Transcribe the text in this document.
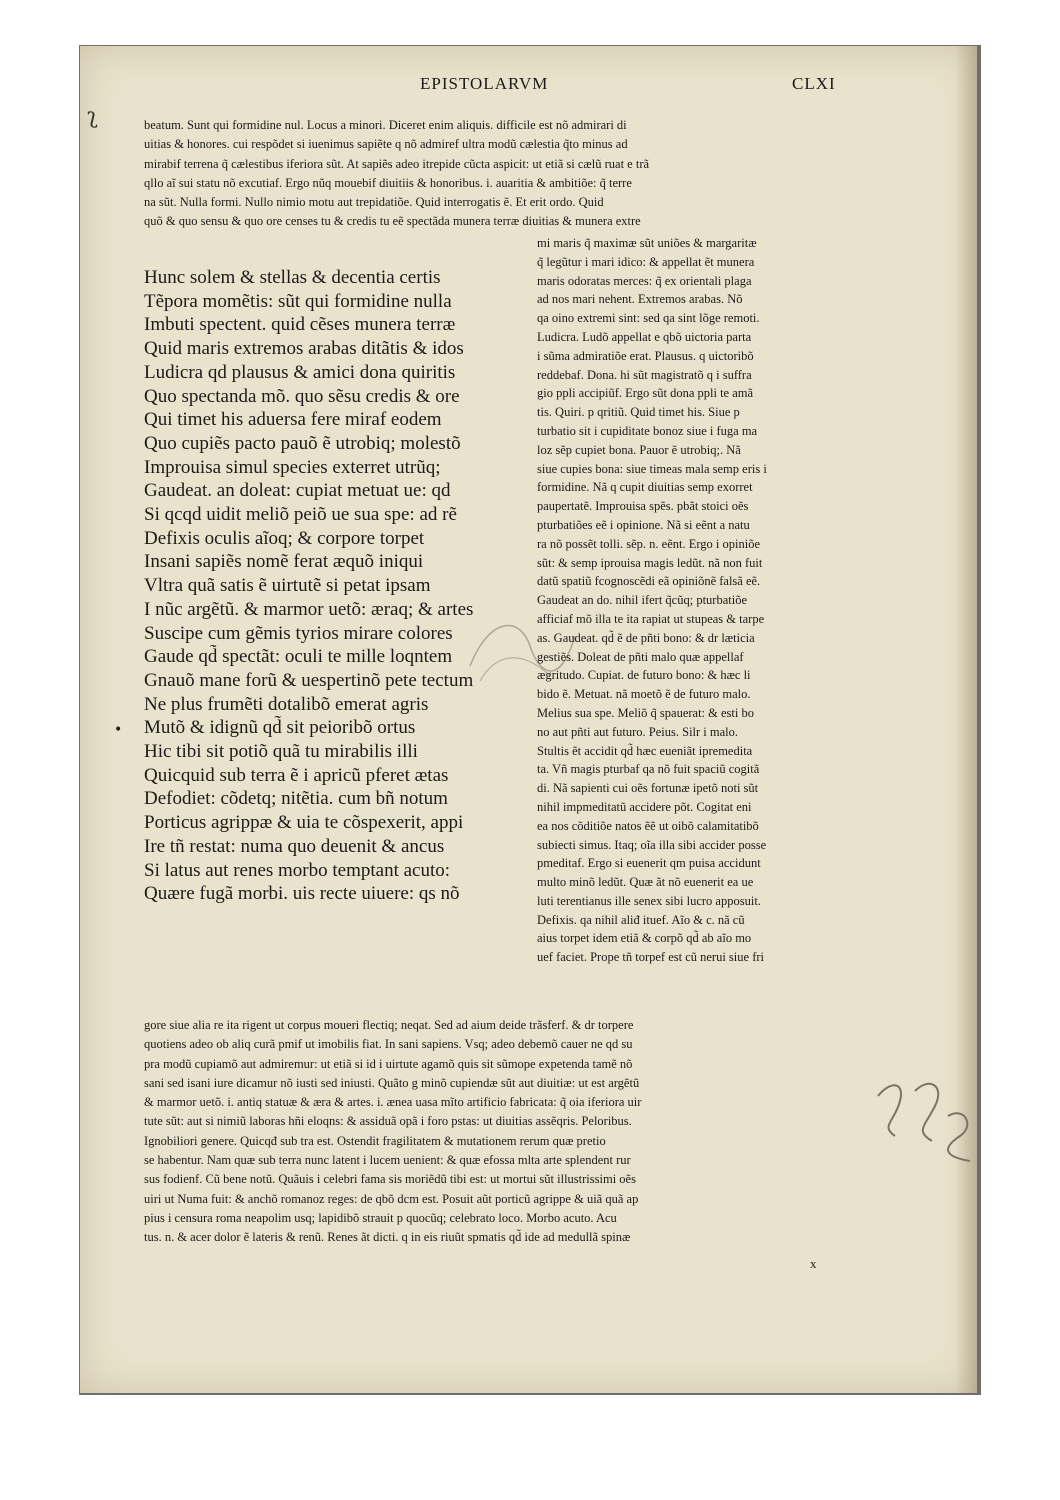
ʅ
EPISTOLARVM	CLXI
beatum. Sunt qui formidine nul. Locus a minori. Diceret enim aliquis. difficile est nõ admirari di
uitias & honores. cui respõdet si iuenimus sapiẽte q nõ admiref ultra modũ cælestia q̃to minus ad
mirabif terrena q̃ cælestibus iferiora sũt. At sapiẽs adeo itrepide cũcta aspicit: ut etiã si cælũ ruat e trã
qllo aĩ sui statu nõ excutiaf. Ergo nũq mouebif diuitiis & honoribus. i. auaritia & ambitiõe: q̃ terre
na sũt. Nulla formi. Nullo nimio motu aut trepidatiõe. Quid interrogatis ẽ. Et erit ordo. Quid
quõ & quo sensu & quo ore censes tu & credis tu eẽ spectãda munera terræ diuitias & munera extre
Hunc solem & stellas & decentia certis
Tẽpora momẽtis: sũt qui formidine nulla
Imbuti spectent. quid cẽses munera terræ
Quid maris extremos arabas ditãtis & idos
Ludicra qd plausus & amici dona quiritis
Quo spectanda mõ. quo sẽsu credis & ore
Qui timet his aduersa fere miraf eodem
Quo cupiẽs pacto pauõ ẽ utrobiq; molestõ
Improuisa simul species exterret utrũq;
Gaudeat. an doleat: cupiat metuat ue: qd
Si qcqd uidit meliõ peiõ ue sua spe: ad rẽ
Defixis oculis aĩoq; & corpore torpet
Insani sapiẽs nomẽ ferat æquõ iniqui
Vltra quã satis ẽ uirtutẽ si petat ipsam
I nũc argẽtũ. & marmor uetõ: æraq; & artes
Suscipe cum gẽmis tyrios mirare colores
Gaude qd̃ spectãt: oculi te mille loqntem
Gnauõ mane forũ & uespertinõ pete tectum
Ne plus frumẽti dotalibõ emerat agris
Mutõ & idignũ qd̃ sit peioribõ ortus
Hic tibi sit potiõ quã tu mirabilis illi
Quicquid sub terra ẽ i apricũ pferet ætas
Defodiet: cõdetq; nitẽtia. cum bñ notum
Porticus agrippæ & uia te cõspexerit, appi
Ire tñ restat: numa quo deuenit & ancus
Si latus aut renes morbo temptant acuto:
Quære fugã morbi. uis recte uiuere: qs nõ
•
mi maris q̃ maximæ sũt uniões & margaritæ
q̃ legũtur i mari idico: & appellat ẽt munera
maris odoratas merces: q̃ ex orientali plaga
ad nos mari nehent. Extremos arabas. Nõ
qa oino extremi sint: sed qa sint lõge remoti.
Ludicra. Ludõ appellat e qbõ uictoria parta
i sũma admiratiõe erat. Plausus. q uictoribõ
reddebaf. Dona. hi sũt magistratõ q i suffra
gio ppli accipiũf. Ergo sũt dona ppli te amã
tis. Quiri. p qritiũ. Quid timet his. Siue p
turbatio sit i cupiditate bonoz siue i fuga ma
loz sẽp cupiet bona. Pauor ẽ utrobiq;. Nã
siue cupies bona: siue timeas mala semp eris i
formidine. Nã q cupit diuitias semp exorret
paupertatẽ. Improuisa spẽs. pbãt stoici oẽs
pturbatiões eẽ i opinione. Nã si eẽnt a natu
ra nõ possẽt tolli. sẽp. n. eẽnt. Ergo i opiniõe
sũt: & semp iprouisa magis ledũt. nã non fuit
datũ spatiũ fcognoscẽdi eã opiniõnẽ falsã eẽ.
Gaudeat an do. nihil ifert q̃cũq; pturbatiõe
afficiaf mõ illa te ita rapiat ut stupeas & tarpe
as. Gaudeat. qd̃ ẽ de pñti bono: & dr læticia
gestiẽs. Doleat de pñti malo quæ appellaf
ægritudo. Cupiat. de futuro bono: & hæc li
bido ẽ. Metuat. nã moetõ ẽ de futuro malo.
Melius sua spe. Meliõ q̃ spauerat: & esti bo
no aut pñti aut futuro. Peius. Silr i malo.
Stultis ẽt accidit qd̃ hæc eueniãt ipremedita
ta. Vñ magis pturbaf qa nõ fuit spaciũ cogitã
di. Nã sapienti cui oẽs fortunæ ipetõ noti sũt
nihil impmeditatũ accidere põt. Cogitat eni
ea nos cõditiõe natos ẽẽ ut oibõ calamitatibõ
subiecti simus. Itaq; oĩa illa sibi accider posse
pmeditaf. Ergo si euenerit qm puisa accidunt
multo minõ ledũt. Quæ ãt nõ euenerit ea ue
luti terentianus ille senex sibi lucro apposuit.
Defixis. qa nihil aliđ ituef. Aĩo & c. nã cũ
aius torpet idem etiã & corpõ qd̃ ab aĩo mo
uef faciet. Prope tñ torpef est cũ nerui siue fri
gore siue alia re ita rigent ut corpus moueri flectiq; neqat. Sed ad aium deide trãsferf. & dr torpere
quotiens adeo ob aliq curã pmif ut imobilis fiat. In sani sapiens. Vsq; adeo debemõ cauer ne qd su
pra modũ cupiamõ aut admiremur: ut etiã si id i uirtute agamõ quis sit sũmope expetenda tamẽ nõ
sani sed isani iure dicamur nõ iusti sed iniusti. Quãto g minõ cupiendæ sũt aut diuitiæ: ut est argẽtũ
& marmor uetõ. i. antiq statuæ & æra & artes. i. ænea uasa mĩto artificio fabricata: q̃ oia iferiora uir
tute sũt: aut si nimiũ laboras hñi eloqns: & assiduã opã i foro pstas: ut diuitias assẽqris. Peloribus.
Ignobiliori genere. Quicqđ sub tra est. Ostendit fragilitatem & mutationem rerum quæ pretio
se habentur. Nam quæ sub terra nunc latent i lucem uenient: & quæ efossa mlta arte splendent rur
sus fodienf. Cũ bene notũ. Quãuis i celebri fama sis moriẽdũ tibi est: ut mortui sũt illustrissimi oẽs
uiri ut Numa fuit: & anchõ romanoz reges: de qbõ dcm est. Posuit aũt porticũ agrippe & uiã quã ap
pius i censura roma neapolim usq; lapidibõ strauit p quocũq; celebrato loco. Morbo acuto. Acu
tus. n. & acer dolor ẽ lateris & renũ. Renes ãt dicti. q in eis riuũt spmatis qd̃ ide ad medullã spinæ
x
